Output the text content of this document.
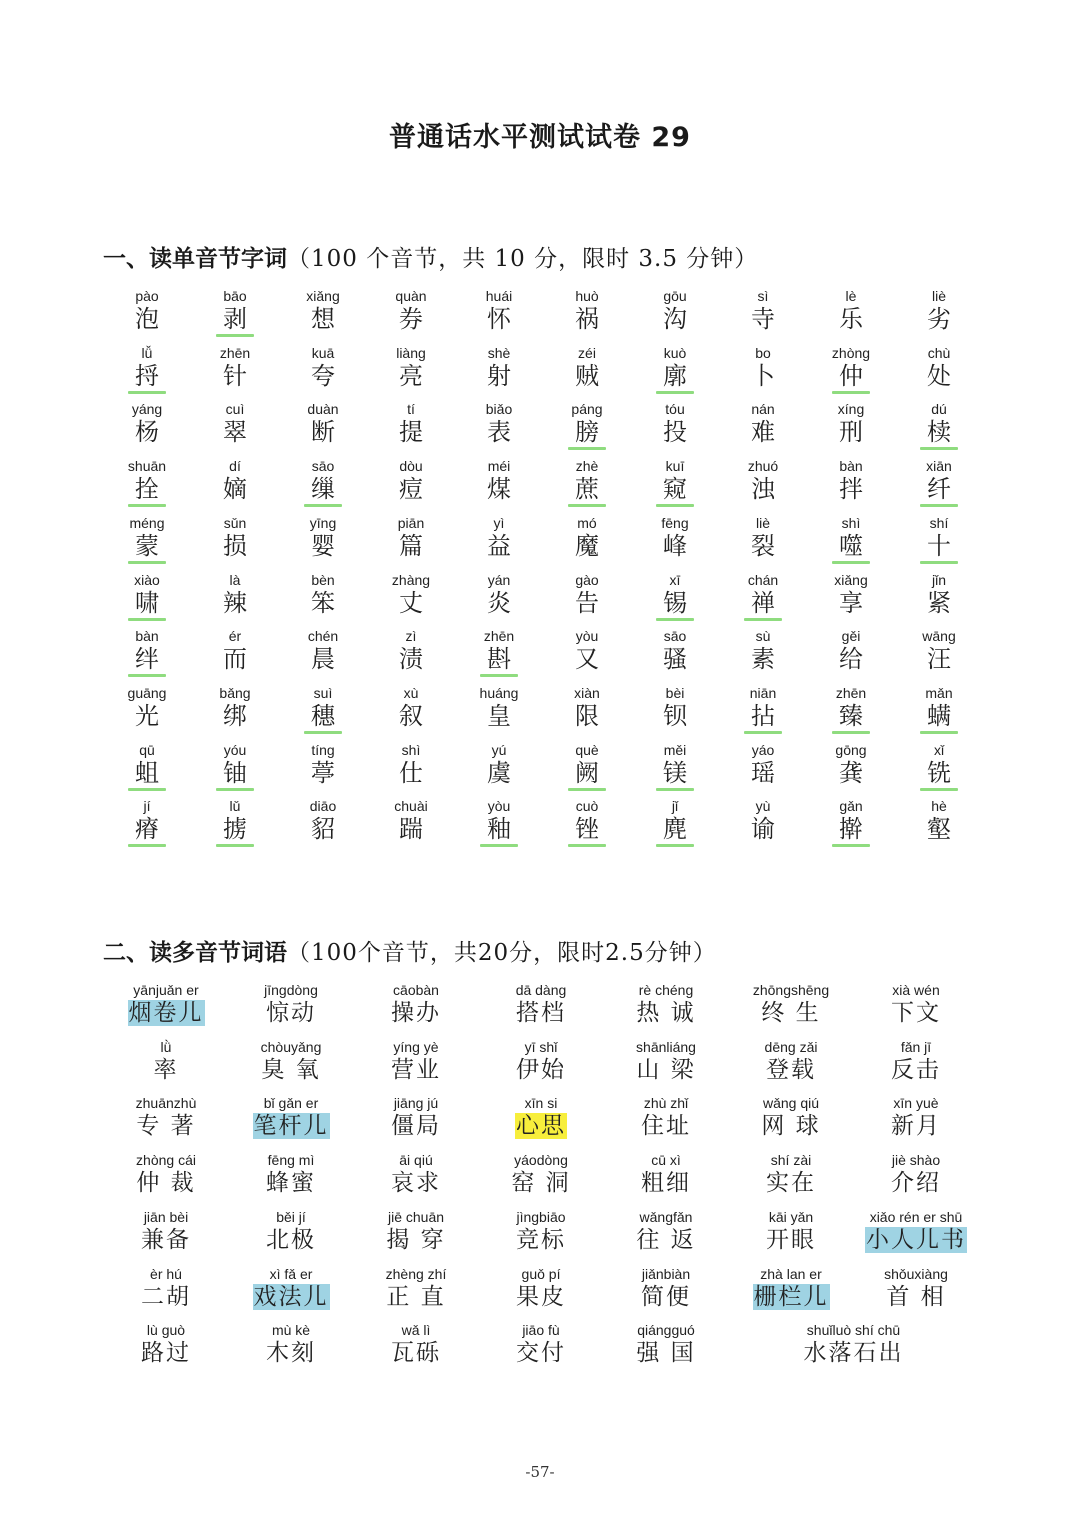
普通话水平测试试卷 29
一、读单音节字词（100 个音节，共 10 分，限时 3.5 分钟）
pào
泡
bāo
剥
xiǎng
想
quàn
券
huái
怀
huò
祸
gōu
沟
sì
寺
lè
乐
liè
劣
lǚ
捋
zhēn
针
kuā
夸
liàng
亮
shè
射
zéi
贼
kuò
廓
bo
卜
zhòng
仲
chù
处
yáng
杨
cuì
翠
duàn
断
tí
提
biǎo
表
páng
膀
tóu
投
nán
难
xíng
刑
dú
椟
shuān
拴
dí
嫡
sāo
缫
dòu
痘
méi
煤
zhè
蔗
kuī
窥
zhuó
浊
bàn
拌
xiān
纤
méng
蒙
sǔn
损
yīng
婴
piān
篇
yì
益
mó
魔
fēng
峰
liè
裂
shì
噬
shí
十
xiào
啸
là
辣
bèn
笨
zhàng
丈
yán
炎
gào
告
xī
锡
chán
禅
xiǎng
享
jǐn
紧
bàn
绊
ér
而
chén
晨
zì
渍
zhēn
斟
yòu
又
sāo
骚
sù
素
gěi
给
wāng
汪
guāng
光
bǎng
绑
suì
穗
xù
叙
huáng
皇
xiàn
限
bèi
钡
niān
拈
zhēn
臻
mǎn
螨
qū
蛆
yóu
铀
tíng
葶
shì
仕
yú
虞
què
阙
měi
镁
yáo
瑶
gōng
龚
xǐ
铣
jí
瘠
lǔ
掳
diāo
貂
chuài
踹
yòu
釉
cuò
锉
jǐ
麂
yù
谕
gǎn
擀
hè
壑
二、读多音节词语（100个音节，共20分，限时2.5分钟）
yānjuǎn er
烟卷儿
jīngdòng
惊动
cāobàn
操办
dā dàng
搭档
rè chéng
热 诚
zhōngshēng
终 生
xià wén
下文
lǜ
率
chòuyǎng
臭 氧
yíng yè
营业
yī shǐ
伊始
shānliáng
山 梁
dēng zǎi
登载
fǎn jī
反击
zhuānzhù
专 著
bǐ gǎn er
笔杆儿
jiāng jú
僵局
xīn si
心思
zhù zhǐ
住址
wǎng qiú
网 球
xīn yuè
新月
zhòng cái
仲 裁
fēng mì
蜂蜜
āi qiú
哀求
yáodòng
窑 洞
cū xì
粗细
shí zài
实在
jiè shào
介绍
jiān bèi
兼备
běi jí
北极
jiē chuān
揭 穿
jìngbiāo
竞标
wǎngfǎn
往 返
kāi yǎn
开眼
xiǎo rén er shū
小人儿书
èr hú
二胡
xì fǎ er
戏法儿
zhèng zhí
正 直
guǒ pí
果皮
jiǎnbiàn
简便
zhà lan er
栅栏儿
shǒuxiàng
首 相
lù guò
路过
mù kè
木刻
wǎ lì
瓦砾
jiāo fù
交付
qiángguó
强 国
shuǐluò shí chū
水落石出
-57-
